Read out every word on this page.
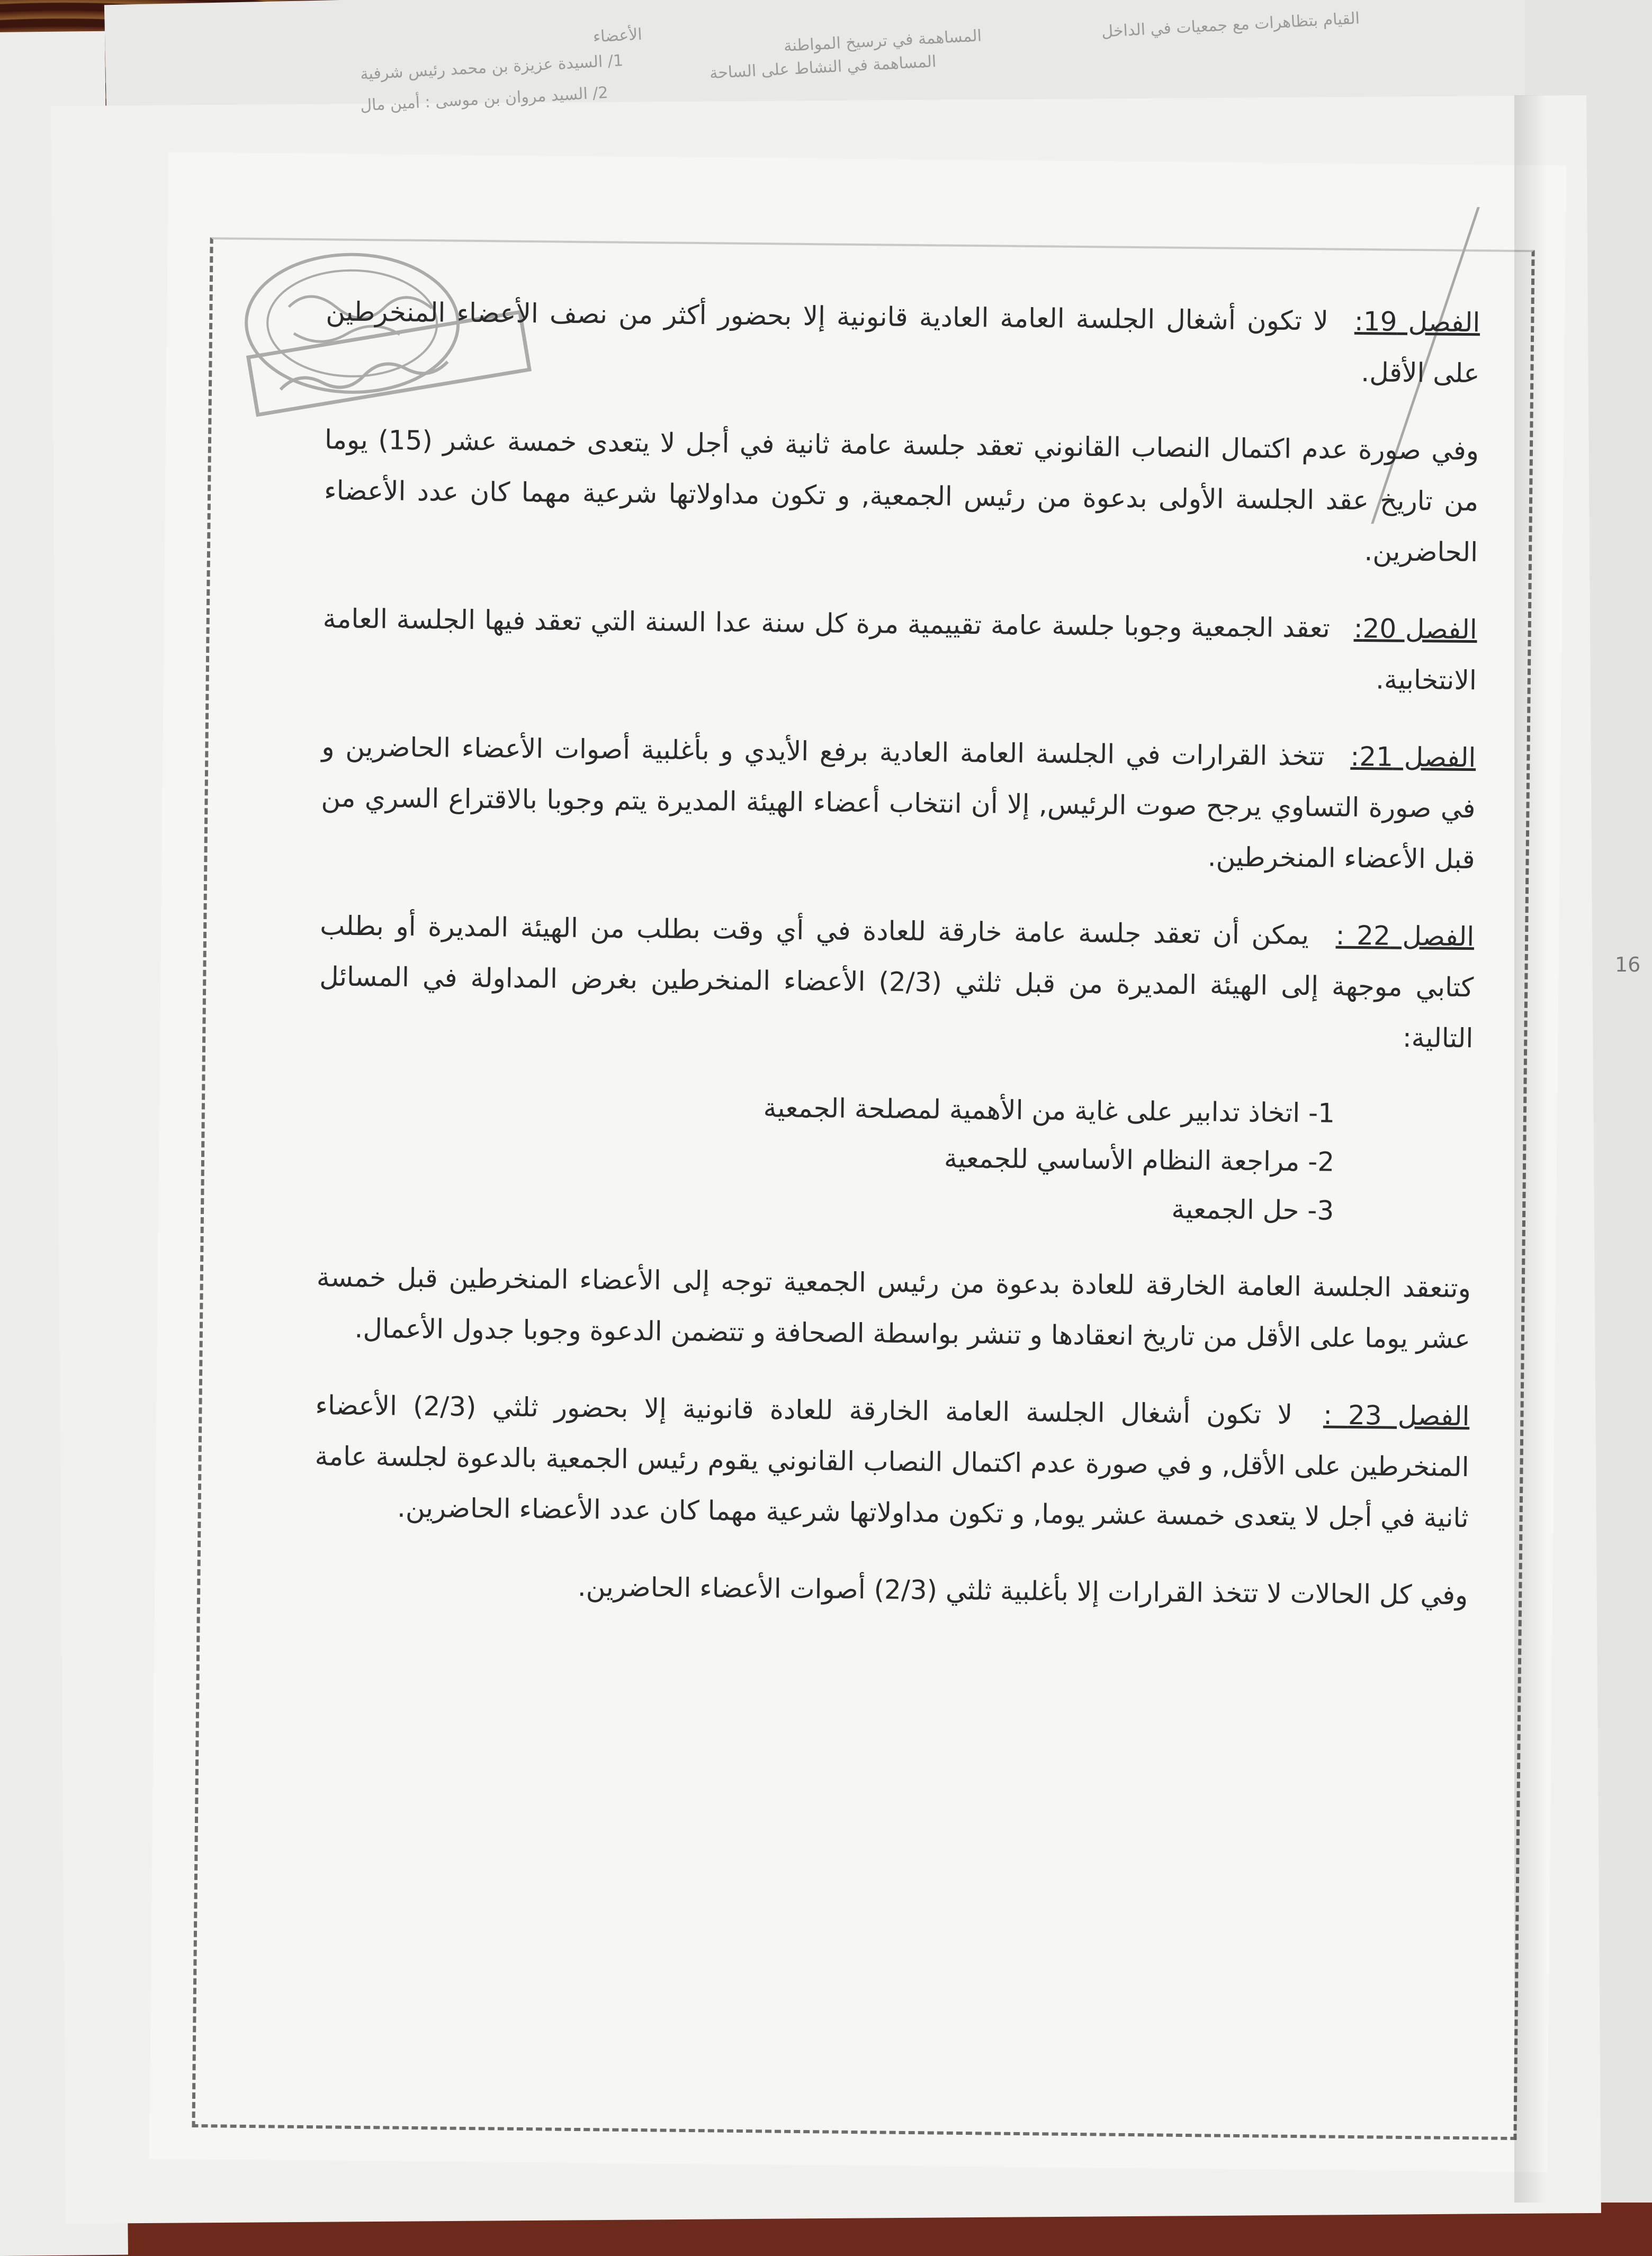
القيام بتظاهرات مع جمعيات في الداخل
المساهمة في ترسيخ المواطنة
المساهمة في النشاط على الساحة
الأعضاء
1/ السيدة عزيزة بن محمد رئيس شرفية
2/ السيد مروان بن موسى : أمين مال
16

الفصل 19: لا تكون أشغال الجلسة العامة العادية قانونية إلا بحضور أكثر من نصف الأعضاء المنخرطين على الأقل.

وفي صورة عدم اكتمال النصاب القانوني تعقد جلسة عامة ثانية في أجل لا يتعدى خمسة عشر (15) يوما من تاريخ عقد الجلسة الأولى بدعوة من رئيس الجمعية, و تكون مداولاتها شرعية مهما كان عدد الأعضاء الحاضرين.

الفصل 20: تعقد الجمعية وجوبا جلسة عامة تقييمية مرة كل سنة عدا السنة التي تعقد فيها الجلسة العامة الانتخابية.

الفصل 21: تتخذ القرارات في الجلسة العامة العادية برفع الأيدي و بأغلبية أصوات الأعضاء الحاضرين و في صورة التساوي يرجح صوت الرئيس, إلا أن انتخاب أعضاء الهيئة المديرة يتم وجوبا بالاقتراع السري من قبل الأعضاء المنخرطين.

الفصل 22 : يمكن أن تعقد جلسة عامة خارقة للعادة في أي وقت بطلب من الهيئة المديرة أو بطلب كتابي موجهة إلى الهيئة المديرة من قبل ثلثي (2/3) الأعضاء المنخرطين بغرض المداولة في المسائل التالية:

1- اتخاذ تدابير على غاية من الأهمية لمصلحة الجمعية
2- مراجعة النظام الأساسي للجمعية
3- حل الجمعية

وتنعقد الجلسة العامة الخارقة للعادة بدعوة من رئيس الجمعية توجه إلى الأعضاء المنخرطين قبل خمسة عشر يوما على الأقل من تاريخ انعقادها و تنشر بواسطة الصحافة و تتضمن الدعوة وجوبا جدول الأعمال.

الفصل 23 : لا تكون أشغال الجلسة العامة الخارقة للعادة قانونية إلا بحضور ثلثي (2/3) الأعضاء المنخرطين على الأقل, و في صورة عدم اكتمال النصاب القانوني يقوم رئيس الجمعية بالدعوة لجلسة عامة ثانية في أجل لا يتعدى خمسة عشر يوما, و تكون مداولاتها شرعية مهما كان عدد الأعضاء الحاضرين.

وفي كل الحالات لا تتخذ القرارات إلا بأغلبية ثلثي (2/3) أصوات الأعضاء الحاضرين.
